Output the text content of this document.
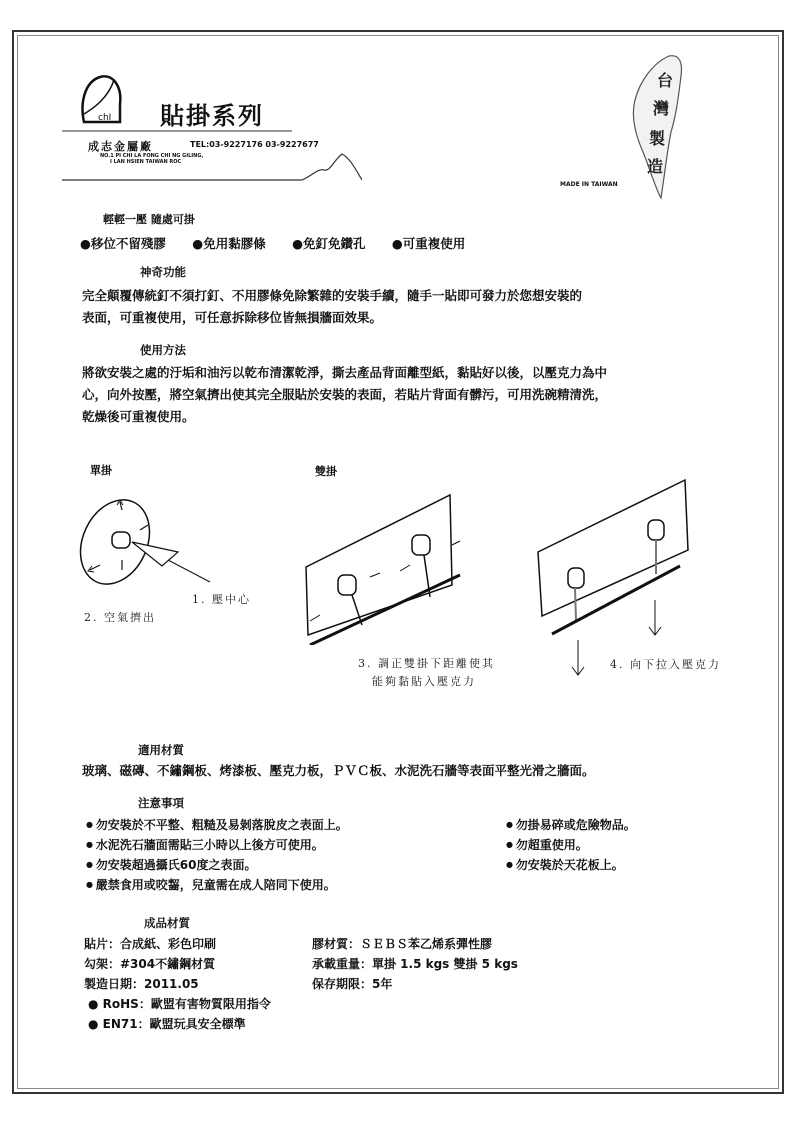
chI 貼掛系列
成志金屬廠	TEL:03-9227176 03-9227677
NO.1 PI CHI LA FONG CHI NG GILING,
I LAN HSIEN TAIWAN ROC
台
灣
製
造
MADE IN TAIWAN
輕輕一壓 隨處可掛
●移位不留殘膠 ●免用黏膠條 ●免釘免鑽孔 ●可重複使用
神奇功能
完全顛覆傳統釘不須打釘、不用膠條免除繁雜的安裝手續，隨手一貼即可發力於您想安裝的
表面，可重複使用，可任意拆除移位皆無損牆面效果。
使用方法
將欲安裝之處的汙垢和油污以乾布清潔乾淨，撕去產品背面離型紙，黏貼好以後，以壓克力為中
心，向外按壓，將空氣擠出使其完全服貼於安裝的表面，若貼片背面有髒污，可用洗碗精清洗，
乾燥後可重複使用。
單掛	雙掛
1. 壓中心
2. 空氣擠出
3. 調正雙掛下距離使其
能夠黏貼入壓克力
4. 向下拉入壓克力
適用材質
玻璃、磁磚、不鏽鋼板、烤漆板、壓克力板，ＰＶＣ板、水泥洗石牆等表面平整光滑之牆面。
注意事項
● 勿安裝於不平整、粗糙及易剝落脫皮之表面上。
● 水泥洗石牆面需貼三小時以上後方可使用。
● 勿安裝超過攝氏60度之表面。
● 嚴禁食用或咬齧，兒童需在成人陪同下使用。
● 勿掛易碎或危險物品。
● 勿超重使用。
● 勿安裝於天花板上。
成品材質
貼片：合成紙、彩色印刷
勾架：#304不鏽鋼材質
製造日期：2011.05
● RoHS：歐盟有害物質限用指令
● EN71：歐盟玩具安全標準
膠材質：ＳＥＢＳ苯乙烯系彈性膠
承載重量：單掛 1.5 kgs 雙掛 5 kgs
保存期限：5年
